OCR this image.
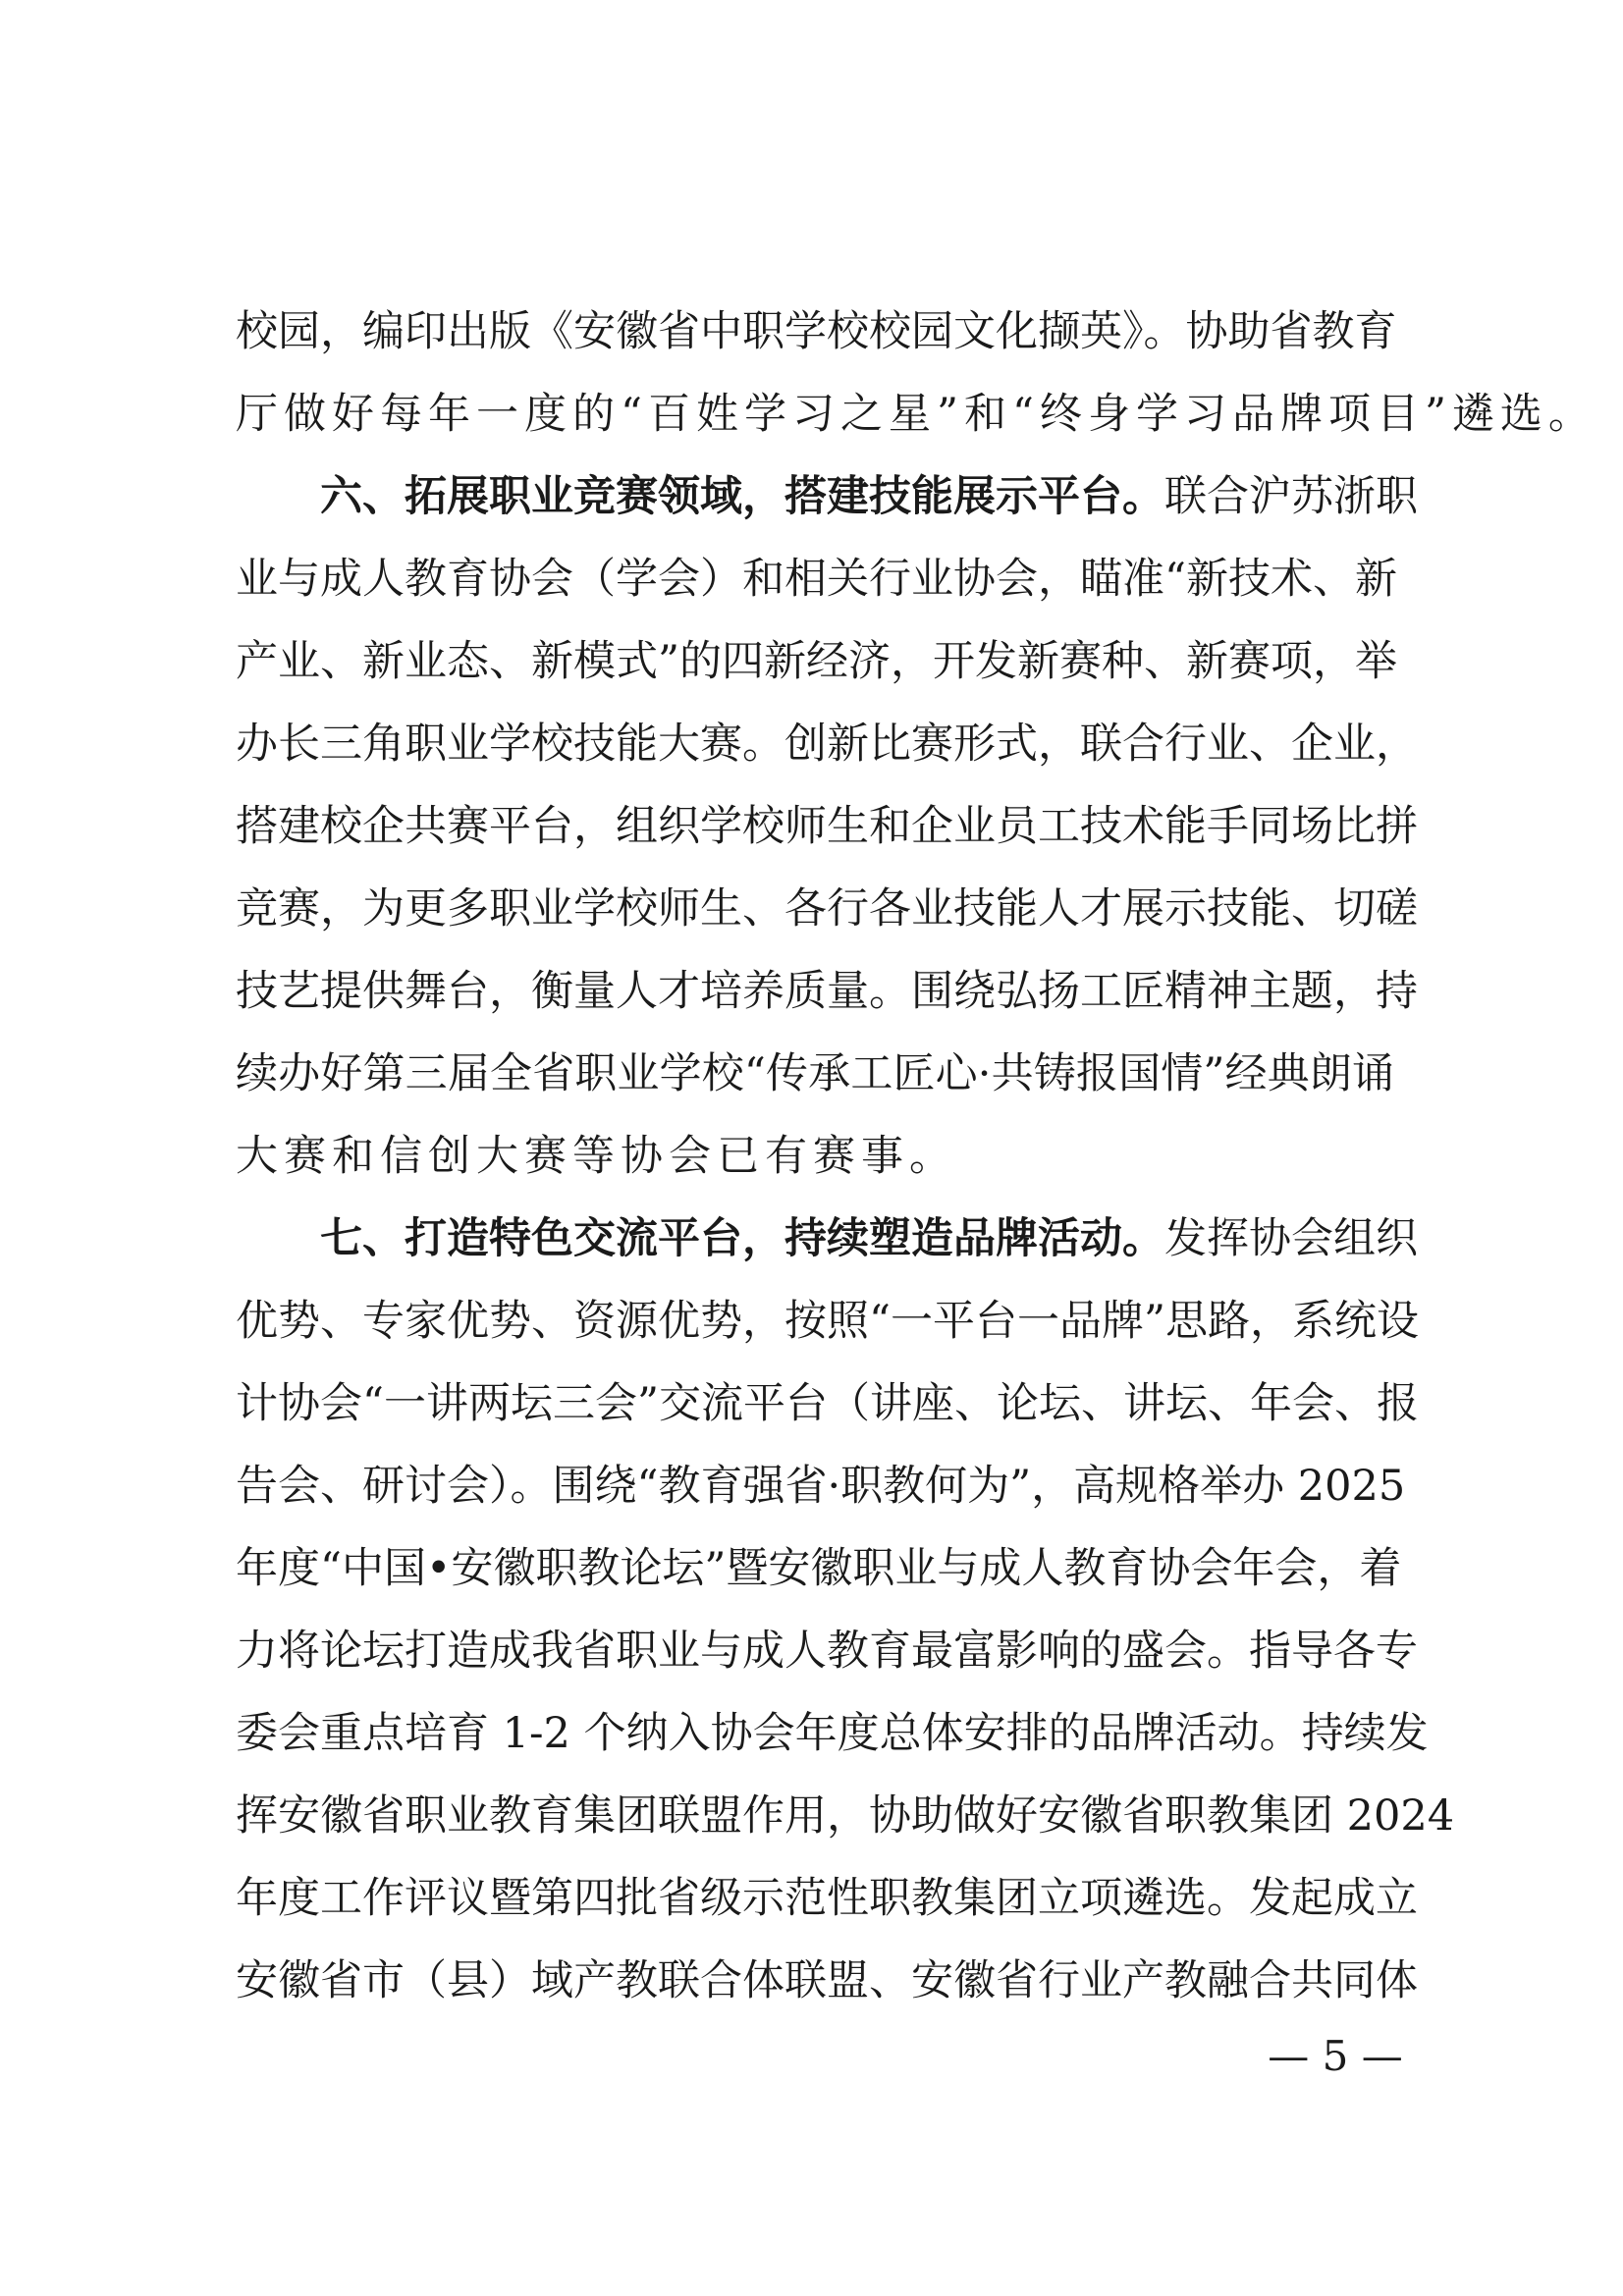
校园，编印出版《安徽省中职学校校园文化撷英》。协助省教育
厅做好每年一度的“百姓学习之星”和“终身学习品牌项目”遴选。
六、拓展职业竞赛领域，搭建技能展示平台。联合沪苏浙职
业与成人教育协会（学会）和相关行业协会，瞄准“新技术、新
产业、新业态、新模式”的四新经济，开发新赛种、新赛项，举
办长三角职业学校技能大赛。创新比赛形式，联合行业、企业，
搭建校企共赛平台，组织学校师生和企业员工技术能手同场比拼
竞赛，为更多职业学校师生、各行各业技能人才展示技能、切磋
技艺提供舞台，衡量人才培养质量。围绕弘扬工匠精神主题，持
续办好第三届全省职业学校“传承工匠心·共铸报国情”经典朗诵
大赛和信创大赛等协会已有赛事。
七、打造特色交流平台，持续塑造品牌活动。发挥协会组织
优势、专家优势、资源优势，按照“一平台一品牌”思路，系统设
计协会“一讲两坛三会”交流平台（讲座、论坛、讲坛、年会、报
告会、研讨会）。围绕“教育强省·职教何为”，高规格举办 2025
年度“中国•安徽职教论坛”暨安徽职业与成人教育协会年会，着
力将论坛打造成我省职业与成人教育最富影响的盛会。指导各专
委会重点培育 1-2 个纳入协会年度总体安排的品牌活动。持续发
挥安徽省职业教育集团联盟作用，协助做好安徽省职教集团 2024
年度工作评议暨第四批省级示范性职教集团立项遴选。发起成立
安徽省市（县）域产教联合体联盟、安徽省行业产教融合共同体
— 5 —
